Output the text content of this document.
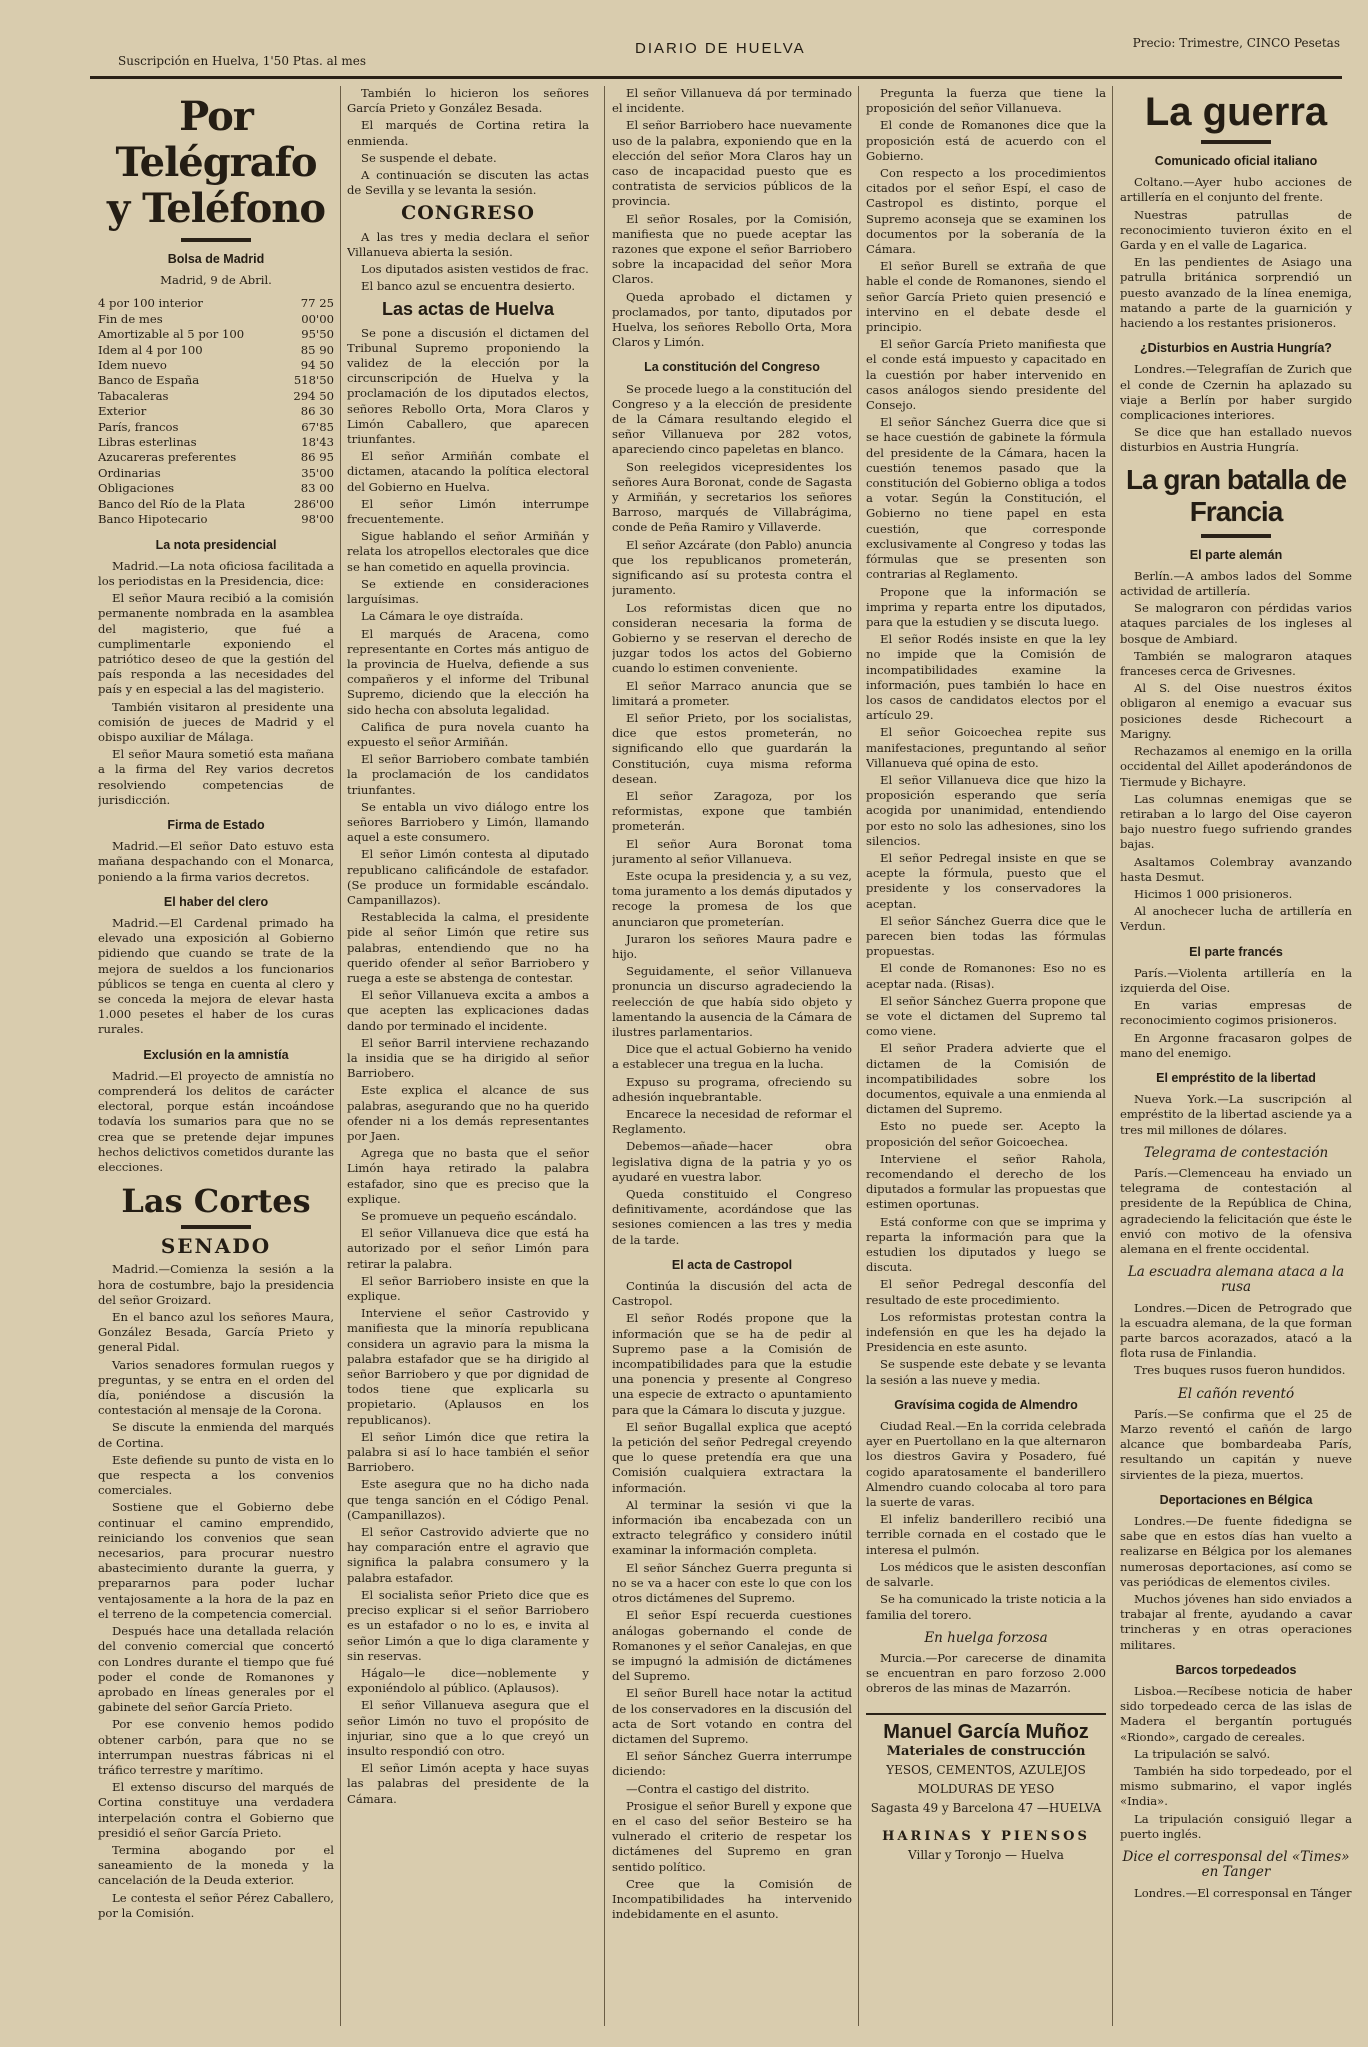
Suscripción en Huelva, 1'50 Ptas. al mes
DIARIO DE HUELVA	Precio: Trimestre, CINCO Pesetas
Por Telégrafo y Teléfono
Bolsa de Madrid
Madrid, 9 de Abril.
4 por 100 interior	77 25
Fin de mes	00'00
Amortizable al 5 por 100	95'50
Idem al 4 por 100	85 90
Idem nuevo	94 50
Banco de España	518'50
Tabacaleras	294 50
Exterior	86 30
París, francos	67'85
Libras esterlinas	18'43
Azucareras preferentes	86 95
Ordinarias	35'00
Obligaciones	83 00
Banco del Río de la Plata	286'00
Banco Hipotecario	98'00
La nota presidencial

Madrid.—La nota oficiosa facilitada a los periodistas en la Presidencia, dice:

El señor Maura recibió a la comisión permanente nombrada en la asamblea del magisterio, que fué a cumplimentarle exponiendo el patriótico deseo de que la gestión del país responda a las necesidades del país y en especial a las del magisterio.

También visitaron al presidente una comisión de jueces de Madrid y el obispo auxiliar de Málaga.

El señor Maura sometió esta mañana a la firma del Rey varios decretos resolviendo competencias de jurisdicción.

Firma de Estado

Madrid.—El señor Dato estuvo esta mañana despachando con el Monarca, poniendo a la firma varios decretos.

El haber del clero

Madrid.—El Cardenal primado ha elevado una exposición al Gobierno pidiendo que cuando se trate de la mejora de sueldos a los funcionarios públicos se tenga en cuenta al clero y se conceda la mejora de elevar hasta 1.000 pesetes el haber de los curas rurales.

Exclusión en la amnistía

Madrid.—El proyecto de amnistía no comprenderá los delitos de carácter electoral, porque están incoándose todavía los sumarios para que no se crea que se pretende dejar impunes hechos delictivos cometidos durante las elecciones.

Las Cortes
SENADO

Madrid.—Comienza la sesión a la hora de costumbre, bajo la presidencia del señor Groizard.

En el banco azul los señores Maura, González Besada, García Prieto y general Pidal.

Varios senadores formulan ruegos y preguntas, y se entra en el orden del día, poniéndose a discusión la contestación al mensaje de la Corona.

Se discute la enmienda del marqués de Cortina.

Este defiende su punto de vista en lo que respecta a los convenios comerciales.

Sostiene que el Gobierno debe continuar el camino emprendido, reiniciando los convenios que sean necesarios, para procurar nuestro abastecimiento durante la guerra, y prepararnos para poder luchar ventajosamente a la hora de la paz en el terreno de la competencia comercial.

Después hace una detallada relación del convenio comercial que concertó con Londres durante el tiempo que fué poder el conde de Romanones y aprobado en líneas generales por el gabinete del señor García Prieto.

Por ese convenio hemos podido obtener carbón, para que no se interrumpan nuestras fábricas ni el tráfico terrestre y marítimo.

El extenso discurso del marqués de Cortina constituye una verdadera interpelación contra el Gobierno que presidió el señor García Prieto.

Termina abogando por el saneamiento de la moneda y la cancelación de la Deuda exterior.

Le contesta el señor Pérez Caballero, por la Comisión.

También lo hicieron los señores García Prieto y González Besada.

El marqués de Cortina retira la enmienda.

Se suspende el debate.

A continuación se discuten las actas de Sevilla y se levanta la sesión.

CONGRESO

A las tres y media declara el señor Villanueva abierta la sesión.

Los diputados asisten vestidos de frac.

El banco azul se encuentra desierto.

Las actas de Huelva

Se pone a discusión el dictamen del Tribunal Supremo proponiendo la validez de la elección por la circunscripción de Huelva y la proclamación de los diputados electos, señores Rebollo Orta, Mora Claros y Limón Caballero, que aparecen triunfantes.

El señor Armiñán combate el dictamen, atacando la política electoral del Gobierno en Huelva.

El señor Limón interrumpe frecuentemente.

Sigue hablando el señor Armiñán y relata los atropellos electorales que dice se han cometido en aquella provincia.

Se extiende en consideraciones larguísimas.

La Cámara le oye distraída.

El marqués de Aracena, como representante en Cortes más antiguo de la provincia de Huelva, defiende a sus compañeros y el informe del Tribunal Supremo, diciendo que la elección ha sido hecha con absoluta legalidad.

Califica de pura novela cuanto ha expuesto el señor Armiñán.

El señor Barriobero combate también la proclamación de los candidatos triunfantes.

Se entabla un vivo diálogo entre los señores Barriobero y Limón, llamando aquel a este consumero.

El señor Limón contesta al diputado republicano calificándole de estafador. (Se produce un formidable escándalo. Campanillazos).

Restablecida la calma, el presidente pide al señor Limón que retire sus palabras, entendiendo que no ha querido ofender al señor Barriobero y ruega a este se abstenga de contestar.

El señor Villanueva excita a ambos a que acepten las explicaciones dadas dando por terminado el incidente.

El señor Barril interviene rechazando la insidia que se ha dirigido al señor Barriobero.

Este explica el alcance de sus palabras, asegurando que no ha querido ofender ni a los demás representantes por Jaen.

Agrega que no basta que el señor Limón haya retirado la palabra estafador, sino que es preciso que la explique.

Se promueve un pequeño escándalo.

El señor Villanueva dice que está ha autorizado por el señor Limón para retirar la palabra.

El señor Barriobero insiste en que la explique.

Interviene el señor Castrovido y manifiesta que la minoría republicana considera un agravio para la misma la palabra estafador que se ha dirigido al señor Barriobero y que por dignidad de todos tiene que explicarla su propietario. (Aplausos en los republicanos).

El señor Limón dice que retira la palabra si así lo hace también el señor Barriobero.

Este asegura que no ha dicho nada que tenga sanción en el Código Penal. (Campanillazos).

El señor Castrovido advierte que no hay comparación entre el agravio que significa la palabra consumero y la palabra estafador.

El socialista señor Prieto dice que es preciso explicar si el señor Barriobero es un estafador o no lo es, e invita al señor Limón a que lo diga claramente y sin reservas.

Hágalo—le dice—noblemente y exponiéndolo al público. (Aplausos).

El señor Villanueva asegura que el señor Limón no tuvo el propósito de injuriar, sino que a lo que creyó un insulto respondió con otro.

El señor Limón acepta y hace suyas las palabras del presidente de la Cámara.

El señor Villanueva dá por terminado el incidente.

El señor Barriobero hace nuevamente uso de la palabra, exponiendo que en la elección del señor Mora Claros hay un caso de incapacidad puesto que es contratista de servicios públicos de la provincia.

El señor Rosales, por la Comisión, manifiesta que no puede aceptar las razones que expone el señor Barriobero sobre la incapacidad del señor Mora Claros.

Queda aprobado el dictamen y proclamados, por tanto, diputados por Huelva, los señores Rebollo Orta, Mora Claros y Limón.

La constitución del Congreso

Se procede luego a la constitución del Congreso y a la elección de presidente de la Cámara resultando elegido el señor Villanueva por 282 votos, apareciendo cinco papeletas en blanco.

Son reelegidos vicepresidentes los señores Aura Boronat, conde de Sagasta y Armiñán, y secretarios los señores Barroso, marqués de Villabrágima, conde de Peña Ramiro y Villaverde.

El señor Azcárate (don Pablo) anuncia que los republicanos prometerán, significando así su protesta contra el juramento.

Los reformistas dicen que no consideran necesaria la forma de Gobierno y se reservan el derecho de juzgar todos los actos del Gobierno cuando lo estimen conveniente.

El señor Marraco anuncia que se limitará a prometer.

El señor Prieto, por los socialistas, dice que estos prometerán, no significando ello que guardarán la Constitución, cuya misma reforma desean.

El señor Zaragoza, por los reformistas, expone que también prometerán.

El señor Aura Boronat toma juramento al señor Villanueva.

Este ocupa la presidencia y, a su vez, toma juramento a los demás diputados y recoge la promesa de los que anunciaron que prometerían.

Juraron los señores Maura padre e hijo.

Seguidamente, el señor Villanueva pronuncia un discurso agradeciendo la reelección de que había sido objeto y lamentando la ausencia de la Cámara de ilustres parlamentarios.

Dice que el actual Gobierno ha venido a establecer una tregua en la lucha.

Expuso su programa, ofreciendo su adhesión inquebrantable.

Encarece la necesidad de reformar el Reglamento.

Debemos—añade—hacer obra legislativa digna de la patria y yo os ayudaré en vuestra labor.

Queda constituido el Congreso definitivamente, acordándose que las sesiones comiencen a las tres y media de la tarde.

El acta de Castropol

Continúa la discusión del acta de Castropol.

El señor Rodés propone que la información que se ha de pedir al Supremo pase a la Comisión de incompatibilidades para que la estudie una ponencia y presente al Congreso una especie de extracto o apuntamiento para que la Cámara lo discuta y juzgue.

El señor Bugallal explica que aceptó la petición del señor Pedregal creyendo que lo quese pretendía era que una Comisión cualquiera extractara la información.

Al terminar la sesión vi que la información iba encabezada con un extracto telegráfico y considero inútil examinar la información completa.

El señor Sánchez Guerra pregunta si no se va a hacer con este lo que con los otros dictámenes del Supremo.

El señor Espí recuerda cuestiones análogas gobernando el conde de Romanones y el señor Canalejas, en que se impugnó la admisión de dictámenes del Supremo.

El señor Burell hace notar la actitud de los conservadores en la discusión del acta de Sort votando en contra del dictamen del Supremo.

El señor Sánchez Guerra interrumpe diciendo:

—Contra el castigo del distrito.

Prosigue el señor Burell y expone que en el caso del señor Besteiro se ha vulnerado el criterio de respetar los dictámenes del Supremo en gran sentido político.

Cree que la Comisión de Incompatibilidades ha intervenido indebidamente en el asunto.

Pregunta la fuerza que tiene la proposición del señor Villanueva.

El conde de Romanones dice que la proposición está de acuerdo con el Gobierno.

Con respecto a los procedimientos citados por el señor Espí, el caso de Castropol es distinto, porque el Supremo aconseja que se examinen los documentos por la soberanía de la Cámara.

El señor Burell se extraña de que hable el conde de Romanones, siendo el señor García Prieto quien presenció e intervino en el debate desde el principio.

El señor García Prieto manifiesta que el conde está impuesto y capacitado en la cuestión por haber intervenido en casos análogos siendo presidente del Consejo.

El señor Sánchez Guerra dice que si se hace cuestión de gabinete la fórmula del presidente de la Cámara, hacen la cuestión tenemos pasado que la constitución del Gobierno obliga a todos a votar. Según la Constitución, el Gobierno no tiene papel en esta cuestión, que corresponde exclusivamente al Congreso y todas las fórmulas que se presenten son contrarias al Reglamento.

Propone que la información se imprima y reparta entre los diputados, para que la estudien y se discuta luego.

El señor Rodés insiste en que la ley no impide que la Comisión de incompatibilidades examine la información, pues también lo hace en los casos de candidatos electos por el artículo 29.

El señor Goicoechea repite sus manifestaciones, preguntando al señor Villanueva qué opina de esto.

El señor Villanueva dice que hizo la proposición esperando que sería acogida por unanimidad, entendiendo por esto no solo las adhesiones, sino los silencios.

El señor Pedregal insiste en que se acepte la fórmula, puesto que el presidente y los conservadores la aceptan.

El señor Sánchez Guerra dice que le parecen bien todas las fórmulas propuestas.

El conde de Romanones: Eso no es aceptar nada. (Risas).

El señor Sánchez Guerra propone que se vote el dictamen del Supremo tal como viene.

El señor Pradera advierte que el dictamen de la Comisión de incompatibilidades sobre los documentos, equivale a una enmienda al dictamen del Supremo.

Esto no puede ser. Acepto la proposición del señor Goicoechea.

Interviene el señor Rahola, recomendando el derecho de los diputados a formular las propuestas que estimen oportunas.

Está conforme con que se imprima y reparta la información para que la estudien los diputados y luego se discuta.

El señor Pedregal desconfía del resultado de este procedimiento.

Los reformistas protestan contra la indefensión en que les ha dejado la Presidencia en este asunto.

Se suspende este debate y se levanta la sesión a las nueve y media.

Gravísima cogida de Almendro

Ciudad Real.—En la corrida celebrada ayer en Puertollano en la que alternaron los diestros Gavira y Posadero, fué cogido aparatosamente el banderillero Almendro cuando colocaba al toro para la suerte de varas.

El infeliz banderillero recibió una terrible cornada en el costado que le interesa el pulmón.

Los médicos que le asisten desconfían de salvarle.

Se ha comunicado la triste noticia a la familia del torero.

En huelga forzosa

Murcia.—Por carecerse de dinamita se encuentran en paro forzoso 2.000 obreros de las minas de Mazarrón.

Manuel García Muñoz
Materiales de construcción
YESOS, CEMENTOS, AZULEJOS
MOLDURAS DE YESO
Sagasta 49 y Barcelona 47 —HUELVA
HARINAS Y PIENSOS
Villar y Toronjo — Huelva
La guerra
Comunicado oficial italiano

Coltano.—Ayer hubo acciones de artillería en el conjunto del frente.

Nuestras patrullas de reconocimiento tuvieron éxito en el Garda y en el valle de Lagarica.

En las pendientes de Asiago una patrulla británica sorprendió un puesto avanzado de la línea enemiga, matando a parte de la guarnición y haciendo a los restantes prisioneros.

¿Disturbios en Austria Hungría?

Londres.—Telegrafían de Zurich que el conde de Czernin ha aplazado su viaje a Berlín por haber surgido complicaciones interiores.

Se dice que han estallado nuevos disturbios en Austria Hungría.

La gran batalla de Francia
El parte alemán

Berlín.—A ambos lados del Somme actividad de artillería.

Se malograron con pérdidas varios ataques parciales de los ingleses al bosque de Ambiard.

También se malograron ataques franceses cerca de Grivesnes.

Al S. del Oise nuestros éxitos obligaron al enemigo a evacuar sus posiciones desde Richecourt a Marigny.

Rechazamos al enemigo en la orilla occidental del Aillet apoderándonos de Tiermude y Bichayre.

Las columnas enemigas que se retiraban a lo largo del Oise cayeron bajo nuestro fuego sufriendo grandes bajas.

Asaltamos Colembray avanzando hasta Desmut.

Hicimos 1 000 prisioneros.

Al anochecer lucha de artillería en Verdun.

El parte francés

París.—Violenta artillería en la izquierda del Oise.

En varias empresas de reconocimiento cogimos prisioneros.

En Argonne fracasaron golpes de mano del enemigo.

El empréstito de la libertad

Nueva York.—La suscripción al empréstito de la libertad asciende ya a tres mil millones de dólares.

Telegrama de contestación

París.—Clemenceau ha enviado un telegrama de contestación al presidente de la República de China, agradeciendo la felicitación que éste le envió con motivo de la ofensiva alemana en el frente occidental.

La escuadra alemana ataca a la rusa

Londres.—Dicen de Petrogrado que la escuadra alemana, de la que forman parte barcos acorazados, atacó a la flota rusa de Finlandia.

Tres buques rusos fueron hundidos.

El cañón reventó

París.—Se confirma que el 25 de Marzo reventó el cañón de largo alcance que bombardeaba París, resultando un capitán y nueve sirvientes de la pieza, muertos.

Deportaciones en Bélgica

Londres.—De fuente fidedigna se sabe que en estos días han vuelto a realizarse en Bélgica por los alemanes numerosas deportaciones, así como se vas periódicas de elementos civiles.

Muchos jóvenes han sido enviados a trabajar al frente, ayudando a cavar trincheras y en otras operaciones militares.

Barcos torpedeados

Lisboa.—Recíbese noticia de haber sido torpedeado cerca de las islas de Madera el bergantín portugués «Riondo», cargado de cereales.

La tripulación se salvó.

También ha sido torpedeado, por el mismo submarino, el vapor inglés «India».

La tripulación consiguió llegar a puerto inglés.

Dice el corresponsal del «Times» en Tanger

Londres.—El corresponsal en Tánger
